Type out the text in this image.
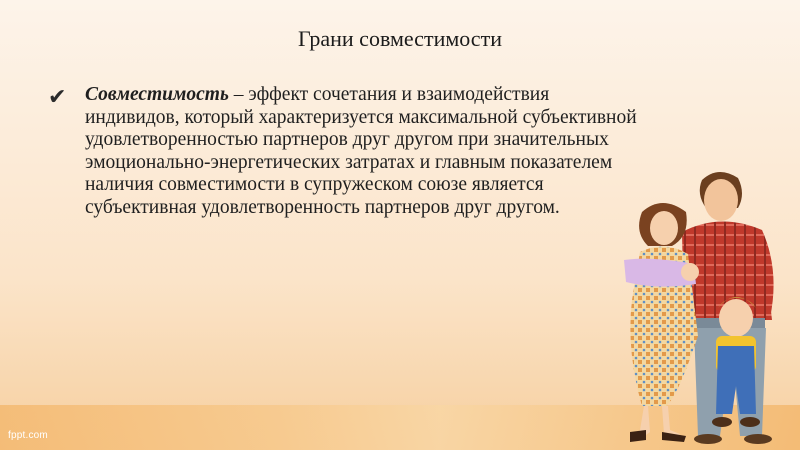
Грани совместимости
✔ Совместимость – эффект сочетания и взаимодействия
индивидов, который характеризуется максимальной субъективной
удовлетворенностью партнеров друг другом при значительных
эмоционально-энергетических затратах и главным показателем
наличия совместимости в супружеском союзе является
субъективная удовлетворенность партнеров друг другом.
fppt.com
